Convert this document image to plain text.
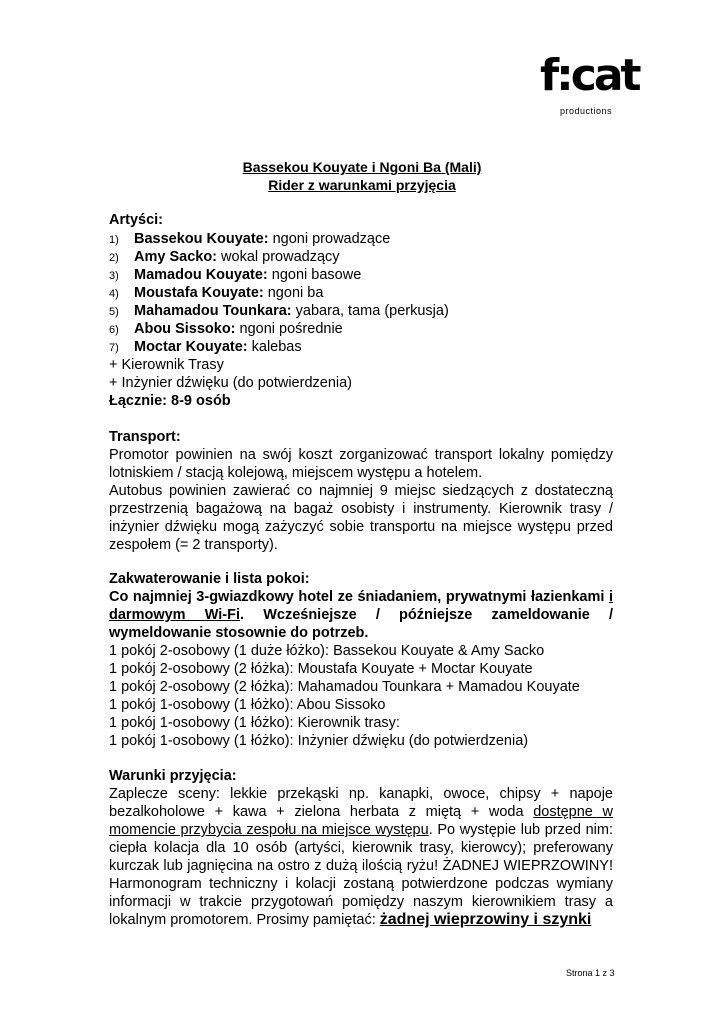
f:cat
productions
Bassekou Kouyate i Ngoni Ba (Mali)
Rider z warunkami przyjęcia
Artyści:
1) Bassekou Kouyate: ngoni prowadzące
2) Amy Sacko: wokal prowadzący
3) Mamadou Kouyate: ngoni basowe
4) Moustafa Kouyate: ngoni ba
5) Mahamadou Tounkara: yabara, tama (perkusja)
6) Abou Sissoko: ngoni pośrednie
7) Moctar Kouyate: kalebas
+ Kierownik Trasy
+ Inżynier dźwięku (do potwierdzenia)
Łącznie: 8-9 osób
Transport:
Promotor powinien na swój koszt zorganizować transport lokalny pomiędzy lotniskiem / stacją kolejową, miejscem występu a hotelem.
Autobus powinien zawierać co najmniej 9 miejsc siedzących z dostateczną przestrzenią bagażową na bagaż osobisty i instrumenty. Kierownik trasy / inżynier dźwięku mogą zażyczyć sobie transportu na miejsce występu przed zespołem (= 2 transporty).
Zakwaterowanie i lista pokoi:
Co najmniej 3-gwiazdkowy hotel ze śniadaniem, prywatnymi łazienkami i darmowym Wi-Fi. Wcześniejsze / późniejsze zameldowanie / wymeldowanie stosownie do potrzeb.
1 pokój 2-osobowy (1 duże łóżko): Bassekou Kouyate & Amy Sacko
1 pokój 2-osobowy (2 łóżka): Moustafa Kouyate + Moctar Kouyate
1 pokój 2-osobowy (2 łóżka): Mahamadou Tounkara + Mamadou Kouyate
1 pokój 1-osobowy (1 łóżko): Abou Sissoko
1 pokój 1-osobowy (1 łóżko): Kierownik trasy:
1 pokój 1-osobowy (1 łóżko): Inżynier dźwięku (do potwierdzenia)
Warunki przyjęcia:
Zaplecze sceny: lekkie przekąski np. kanapki, owoce, chipsy + napoje bezalkoholowe + kawa + zielona herbata z miętą + woda dostępne w momencie przybycia zespołu na miejsce występu. Po występie lub przed nim: ciepła kolacja dla 10 osób (artyści, kierownik trasy, kierowcy); preferowany kurczak lub jagnięcina na ostro z dużą ilością ryżu! ŻADNEJ WIEPRZOWINY! Harmonogram techniczny i kolacji zostaną potwierdzone podczas wymiany informacji w trakcie przygotowań pomiędzy naszym kierownikiem trasy a lokalnym promotorem. Prosimy pamiętać: żadnej wieprzowiny i szynki
Strona 1 z 3
